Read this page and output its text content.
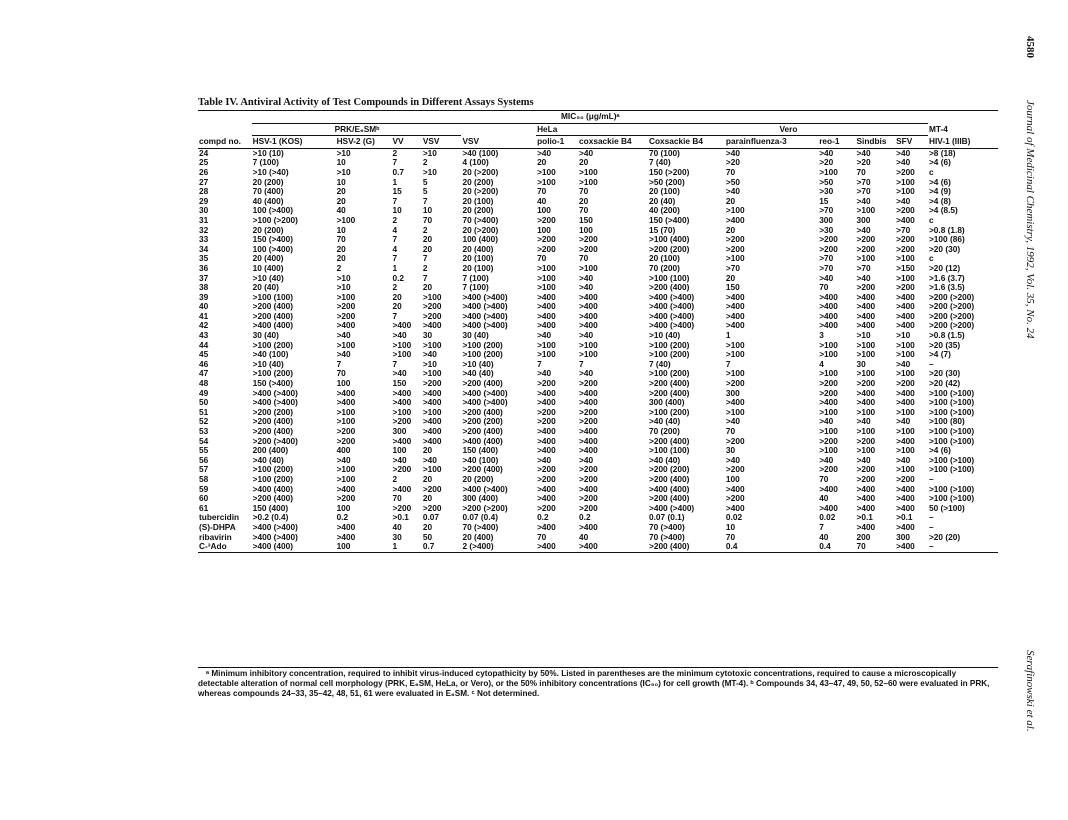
4580
Journal of Medicinal Chemistry, 1992, Vol. 35, No. 24
Serafinowski et al.
Table IV. Antiviral Activity of Test Compounds in Different Assays Systems
	MIC₅₀ (μg/mL)ᵃ												
	PRK/E₆SMᵇ					HeLa		Vero					MT-4
compd no.	HSV-1 (KOS)	HSV-2 (G)	VV	VSV	VSV	polio-1	coxsackie B4	Coxsackie B4	parainfluenza-3	reo-1	Sindbis	SFV	HIV-1 (IIIB)
24	>10 (10)	>10	2	>10	>40 (100)	>40	>40	70 (100)	>40	>40	>40	>40	>8 (18)
25	7 (100)	10	7	2	4 (100)	20	20	7 (40)	>20	>20	>20	>40	>4 (6)
26	>10 (>40)	>10	0.7	>10	20 (>200)	>100	>100	150 (>200)	70	>100	70	>200	c
27	20 (200)	10	1	5	20 (200)	>100	>100	>50 (200)	>50	>50	>70	>100	>4 (6)
28	70 (400)	20	15	5	20 (>200)	70	70	20 (100)	>40	>30	>70	>100	>4 (9)
29	40 (400)	20	7	7	20 (100)	40	20	20 (40)	20	15	>40	>40	>4 (8)
30	100 (>400)	40	10	10	20 (200)	100	70	40 (200)	>100	>70	>100	>200	>4 (8.5)
31	>100 (>200)	>100	2	70	70 (>400)	>200	150	150 (>400)	>400	300	300	>400	c
32	20 (200)	10	4	2	20 (>200)	100	100	15 (70)	20	>30	>40	>70	>0.8 (1.8)
33	150 (>400)	70	7	20	100 (400)	>200	>200	>100 (400)	>200	>200	>200	>200	>100 (86)
34	100 (>400)	20	4	20	20 (400)	>200	>200	>200 (200)	>200	>200	>200	>200	>20 (30)
35	20 (400)	20	7	7	20 (100)	70	70	20 (100)	>100	>70	>100	>100	c
36	10 (400)	2	1	2	20 (100)	>100	>100	70 (200)	>70	>70	>70	>150	>20 (12)
37	>10 (40)	>10	0.2	7	7 (100)	>100	>40	>100 (100)	20	>40	>40	>100	>1.6 (3.7)
38	20 (40)	>10	2	20	7 (100)	>100	>40	>200 (400)	150	70	>200	>200	>1.6 (3.5)
39	>100 (100)	>100	20	>100	>400 (>400)	>400	>400	>400 (>400)	>400	>400	>400	>400	>200 (>200)
40	>200 (400)	>200	20	>200	>400 (>400)	>400	>400	>400 (>400)	>400	>400	>400	>400	>200 (>200)
41	>200 (400)	>200	7	>200	>400 (>400)	>400	>400	>400 (>400)	>400	>400	>400	>400	>200 (>200)
42	>400 (400)	>400	>400	>400	>400 (>400)	>400	>400	>400 (>400)	>400	>400	>400	>400	>200 (>200)
43	30 (40)	>40	>40	30	30 (40)	>40	>40	>10 (40)	1	3	>10	>10	>0.8 (1.5)
44	>100 (200)	>100	>100	>100	>100 (200)	>100	>100	>100 (200)	>100	>100	>100	>100	>20 (35)
45	>40 (100)	>40	>100	>40	>100 (200)	>100	>100	>100 (200)	>100	>100	>100	>100	>4 (7)
46	>10 (40)	7	7	>10	>10 (40)	7	7	7 (40)	7	4	30	>40	–
47	>100 (200)	70	>40	>100	>40 (40)	>40	>40	>100 (200)	>100	>100	>100	>100	>20 (30)
48	150 (>400)	100	150	>200	>200 (400)	>200	>200	>200 (400)	>200	>200	>200	>200	>20 (42)
49	>400 (>400)	>400	>400	>400	>400 (>400)	>400	>400	>200 (400)	300	>200	>400	>400	>100 (>100)
50	>400 (>400)	>400	>400	>400	>400 (>400)	>400	>400	300 (400)	>400	>400	>400	>400	>100 (>100)
51	>200 (200)	>100	>100	>100	>200 (400)	>200	>200	>100 (200)	>100	>100	>100	>100	>100 (>100)
52	>200 (400)	>100	>200	>400	>200 (200)	>200	>200	>40 (40)	>40	>40	>40	>40	>100 (80)
53	>200 (400)	>200	300	>400	>200 (400)	>400	>400	70 (200)	70	>100	>100	>100	>100 (>100)
54	>200 (>400)	>200	>400	>400	>400 (400)	>400	>400	>200 (400)	>200	>200	>200	>400	>100 (>100)
55	200 (400)	400	100	20	150 (400)	>400	>400	>100 (100)	30	>100	>100	>100	>4 (6)
56	>40 (40)	>40	>40	>40	>40 (100)	>40	>40	>40 (40)	>40	>40	>40	>40	>100 (>100)
57	>100 (200)	>100	>200	>100	>200 (400)	>200	>200	>200 (200)	>200	>200	>200	>100	>100 (>100)
58	>100 (200)	>100	2	20	20 (200)	>200	>200	>200 (400)	100	70	>200	>200	–
59	>400 (400)	>400	>400	>200	>400 (>400)	>400	>400	>400 (400)	>400	>400	>400	>400	>100 (>100)
60	>200 (400)	>200	70	20	300 (400)	>400	>200	>200 (400)	>200	40	>400	>400	>100 (>100)
61	150 (400)	100	>200	>200	>200 (>200)	>200	>200	>400 (>400)	>400	>400	>400	>400	50 (>100)
tubercidin	>0.2 (0.4)	0.2	>0.1	0.07	0.07 (0.4)	0.2	0.2	0.07 (0.1)	0.02	0.02	>0.1	>0.1	–
(S)-DHPA	>400 (>400)	>400	40	20	70 (>400)	>400	>400	70 (>400)	10	7	>400	>400	–
ribavirin	>400 (>400)	>400	30	50	20 (400)	70	40	70 (>400)	70	40	200	300	>20 (20)
C-³Ado	>400 (400)	100	1	0.7	2 (>400)	>400	>400	>200 (400)	0.4	0.4	70	>400	–

ᵃ Minimum inhibitory concentration, required to inhibit virus-induced cytopathicity by 50%. Listed in parentheses are the minimum cytotoxic concentrations, required to cause a microscopically detectable alteration of normal cell morphology (PRK, E₆SM, HeLa, or Vero), or the 50% inhibitory concentrations (IC₅₀) for cell growth (MT-4). ᵇ Compounds 34, 43–47, 49, 50, 52–60 were evaluated in PRK, whereas compounds 24–33, 35–42, 48, 51, 61 were evaluated in E₆SM. ᶜ Not determined.
